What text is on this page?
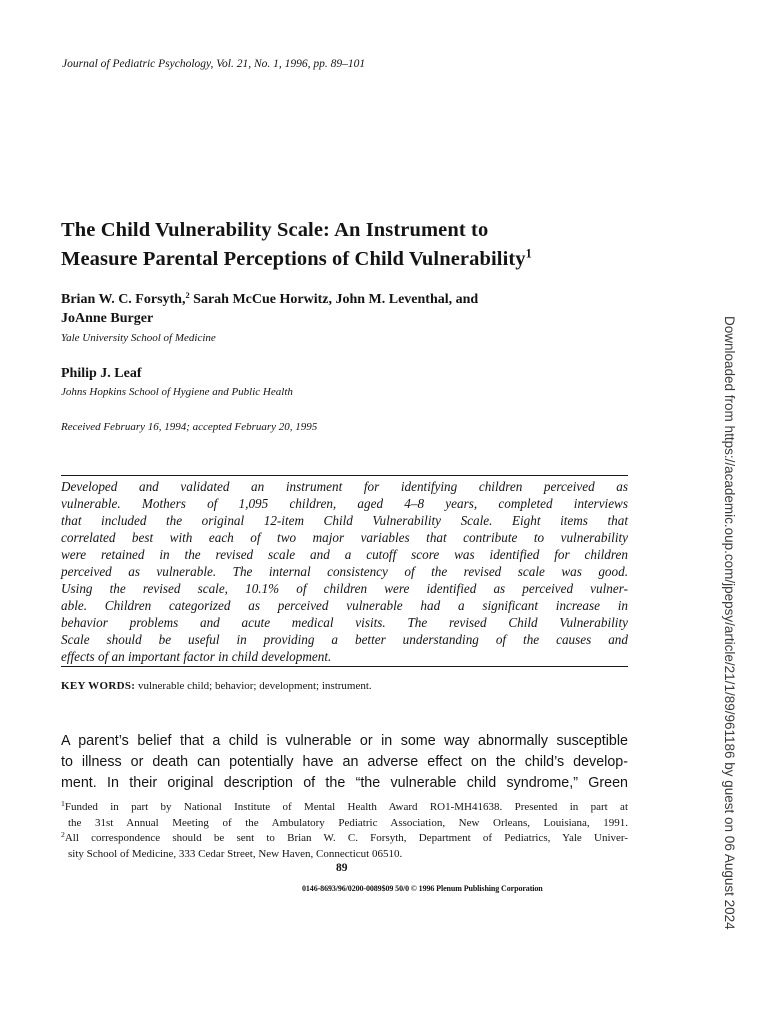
Journal of Pediatric Psychology, Vol. 21, No. 1, 1996, pp. 89–101
The Child Vulnerability Scale: An Instrument to
Measure Parental Perceptions of Child Vulnerability$^1$
Brian W. C. Forsyth,$^2$ Sarah McCue Horwitz, John M. Leventhal, and
JoAnne Burger
Yale University School of Medicine
Philip J. Leaf
Johns Hopkins School of Hygiene and Public Health
Received February 16, 1994; accepted February 20, 1995
Developed and validated an instrument for identifying children perceived as
vulnerable. Mothers of 1,095 children, aged 4–8 years, completed interviews
that included the original 12-item Child Vulnerability Scale. Eight items that
correlated best with each of two major variables that contribute to vulnerability
were retained in the revised scale and a cutoff score was identified for children
perceived as vulnerable. The internal consistency of the revised scale was good.
Using the revised scale, 10.1% of children were identified as perceived vulner-
able. Children categorized as perceived vulnerable had a significant increase in
behavior problems and acute medical visits. The revised Child Vulnerability
Scale should be useful in providing a better understanding of the causes and
effects of an important factor in child development.
KEY WORDS: vulnerable child; behavior; development; instrument.
A parent’s belief that a child is vulnerable or in some way abnormally susceptible
to illness or death can potentially have an adverse effect on the child’s develop-
ment. In their original description of the “the vulnerable child syndrome,” Green
$^1$Funded in part by National Institute of Mental Health Award RO1-MH41638. Presented in part at
the 31st Annual Meeting of the Ambulatory Pediatric Association, New Orleans, Louisiana, 1991.
$^2$All correspondence should be sent to Brian W. C. Forsyth, Department of Pediatrics, Yale Univer-
sity School of Medicine, 333 Cedar Street, New Haven, Connecticut 06510.
89
0146-8693/96/0200-0089$09 50/0 © 1996 Plenum Publishing Corporation	Downloaded from https://academic.oup.com/jpepsy/article/21/1/89/961186 by guest on 06 August 2024
